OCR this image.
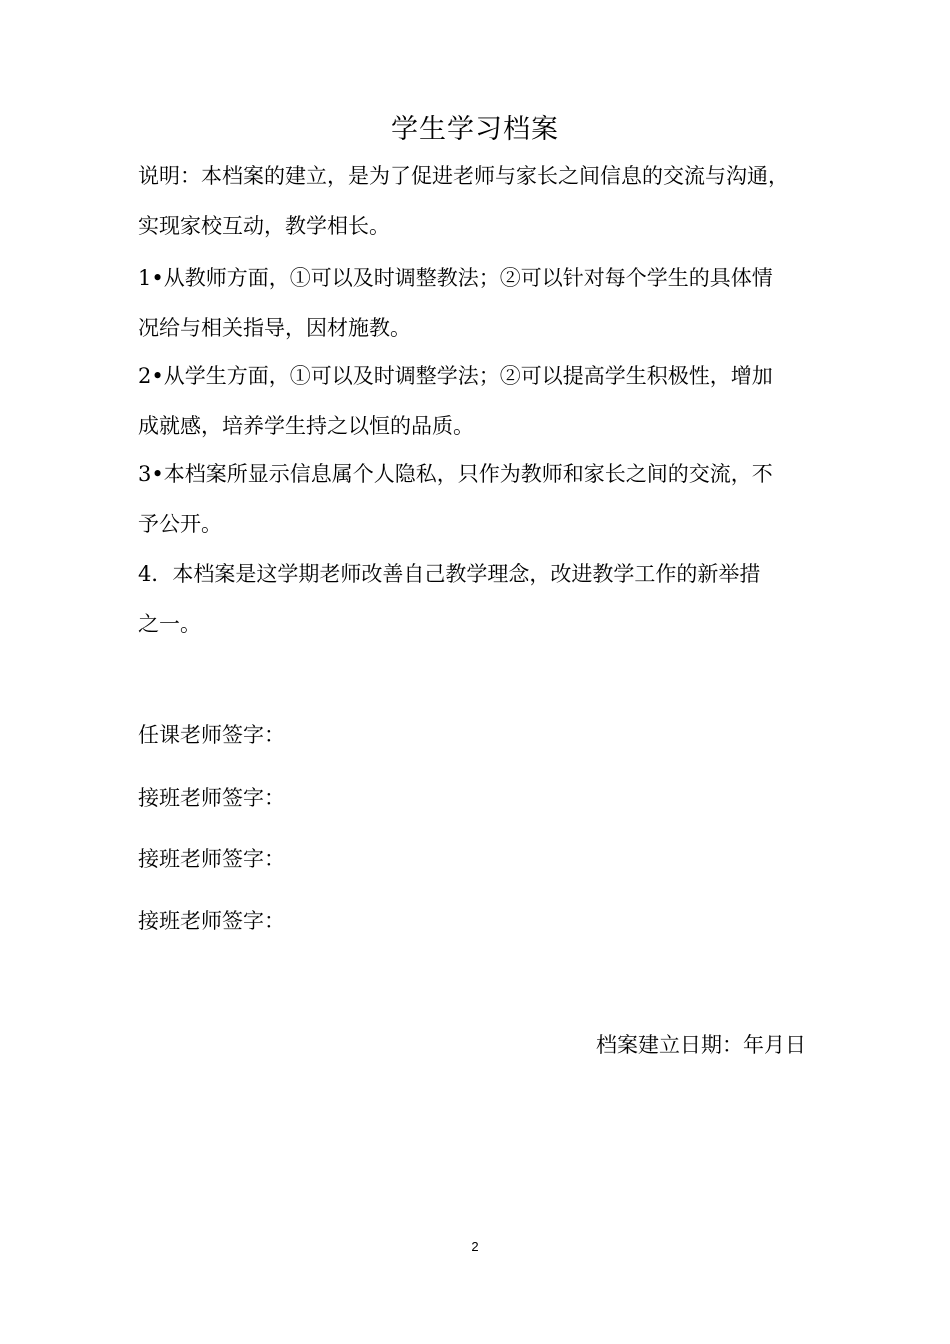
学生学习档案

说明：本档案的建立，是为了促进老师与家长之间信息的交流与沟通，

实现家校互动，教学相长。

1•从教师方面，①可以及时调整教法；②可以针对每个学生的具体情

况给与相关指导，因材施教。

2•从学生方面，①可以及时调整学法；②可以提高学生积极性，增加

成就感，培养学生持之以恒的品质。

3•本档案所显示信息属个人隐私，只作为教师和家长之间的交流，不

予公开。

4．本档案是这学期老师改善自己教学理念，改进教学工作的新举措

之一。

任课老师签字：
接班老师签字：
接班老师签字：
接班老师签字：
档案建立日期：年月日
2
